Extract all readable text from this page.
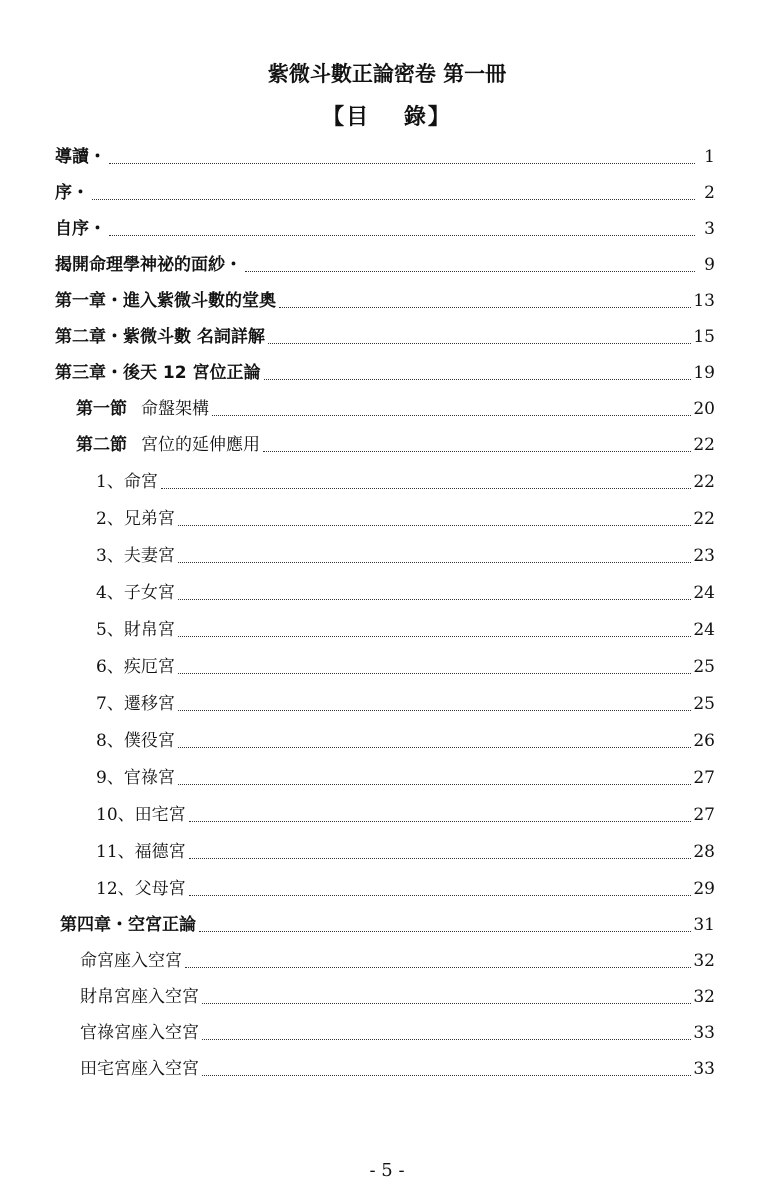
紫微斗數正論密卷 第一冊
【目　 錄】
導讀・	1
序・	2
自序・	3
揭開命理學神祕的面紗・	9
第一章・進入紫微斗數的堂奧	13
第二章・紫微斗數 名詞詳解	15
第三章・後天 12 宮位正論	19
第一節 命盤架構	20
第二節 宮位的延伸應用	22
1、命宮	22
2、兄弟宮	22
3、夫妻宮	23
4、子女宮	24
5、財帛宮	24
6、疾厄宮	25
7、遷移宮	25
8、僕役宮	26
9、官祿宮	27
10、田宅宮	27
11、福德宮	28
12、父母宮	29
第四章・空宮正論	31
命宮座入空宮	32
財帛宮座入空宮	32
官祿宮座入空宮	33
田宅宮座入空宮	33
- 5 -
